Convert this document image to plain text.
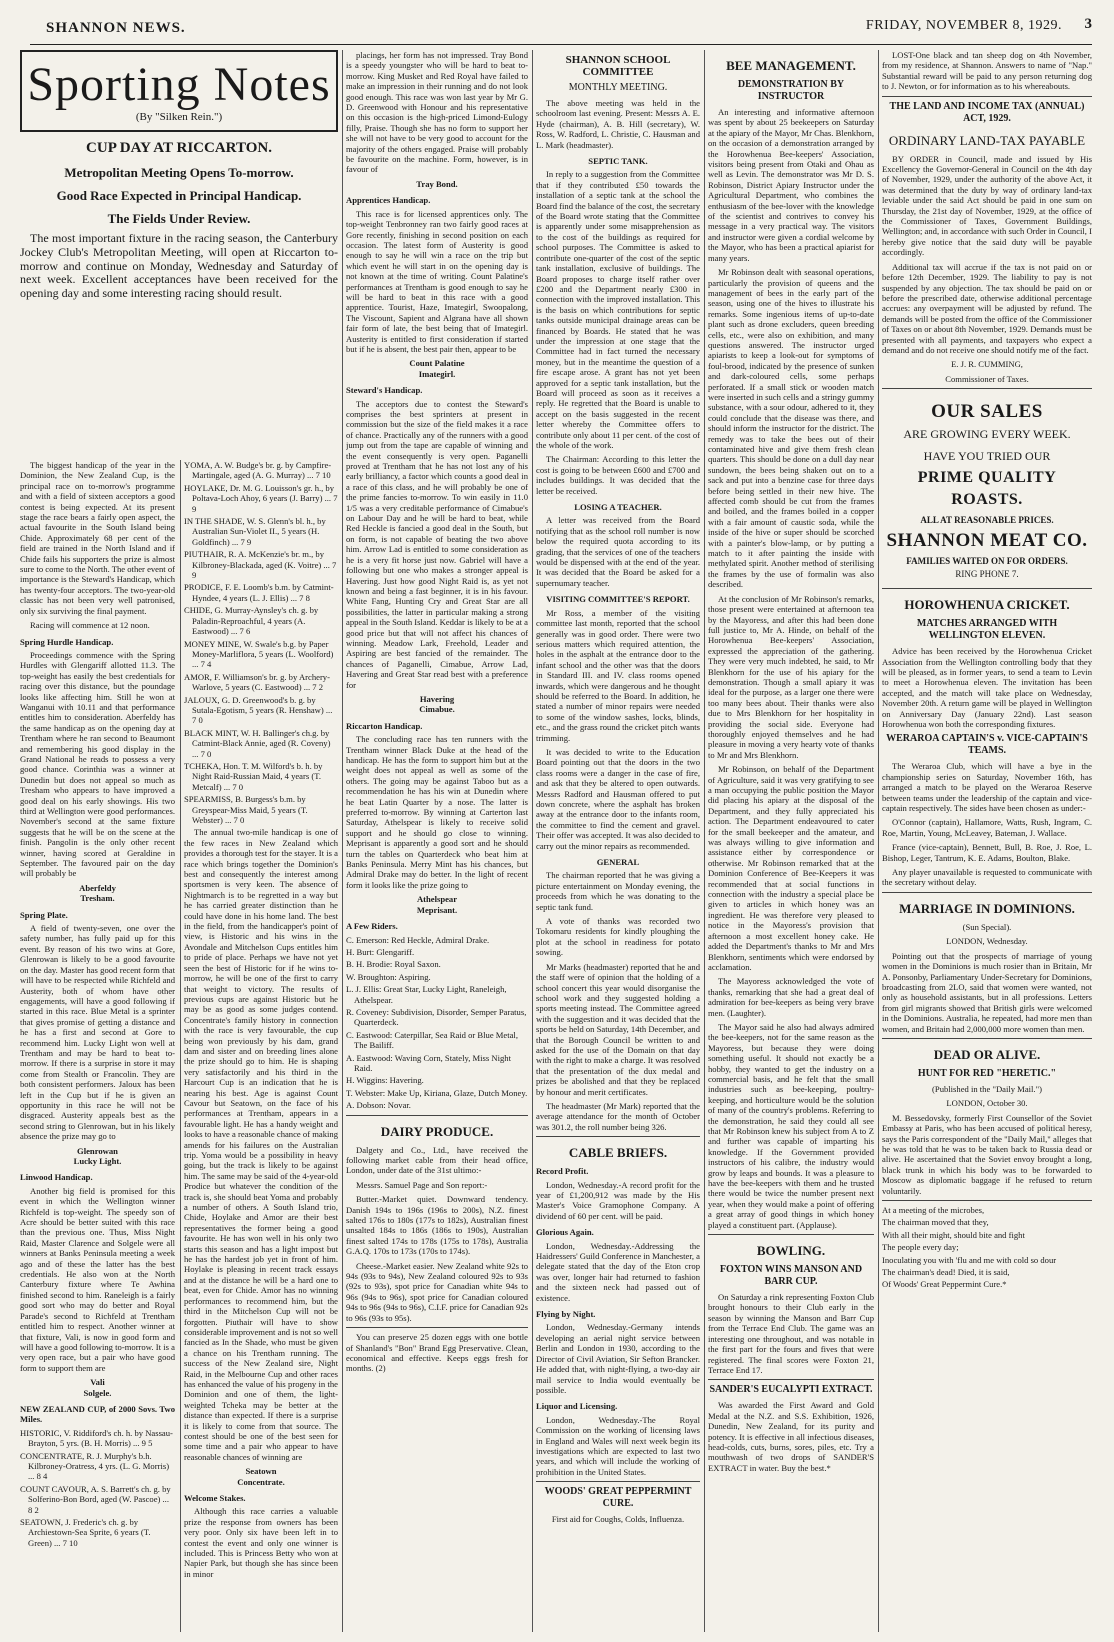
SHANNON NEWS.	FRIDAY, NOVEMBER 8, 1929. 3
Sporting Notes
(By "Silken Rein.")
CUP DAY AT RICCARTON.
Metropolitan Meeting Opens To-morrow.
Good Race Expected in Principal Handicap.
The Fields Under Review.

The most important fixture in the racing season, the Canterbury Jockey Club's Metropolitan Meeting, will open at Riccarton to-morrow and continue on Monday, Wednesday and Saturday of next week. Excellent acceptances have been received for the opening day and some interesting racing should result.

The biggest handicap of the year in the Dominion, the New Zealand Cup, is the principal race on to-morrow's programme and with a field of sixteen acceptors a good contest is being expected. At its present stage the race bears a fairly open aspect, the actual favourite in the South Island being Chide. Approximately 68 per cent of the field are trained in the North Island and if Chide fails his supporters the prize is almost sure to come to the North. The other event of importance is the Steward's Handicap, which has twenty-four acceptors. The two-year-old classic has not been very well patronised, only six surviving the final payment.

Racing will commence at 12 noon.

Spring Hurdle Handicap.

Proceedings commence with the Spring Hurdles with Glengariff allotted 11.3. The top-weight has easily the best credentials for racing over this distance, but the poundage looks like affecting him. Still he won at Wanganui with 10.11 and that performance entitles him to consideration. Aberfeldy has the same handicap as on the opening day at Trentham where he ran second to Beaumont and remembering his good display in the Grand National he reads to possess a very good chance. Corinthia was a winner at Dunedin but does not appeal so much as Tresham who appears to have improved a good deal on his early showings. His two third at Wellington were good performances. November's second at the same fixture suggests that he will be on the scene at the finish. Pangolin is the only other recent winner, having scored at Geraldine in September. The favoured pair on the day will probably be

Aberfeldy

Tresham.

Spring Plate.

A field of twenty-seven, one over the safety number, has fully paid up for this event. By reason of his two wins at Gore, Glenrowan is likely to be a good favourite on the day. Master has good recent form that will have to be respected while Richfeld and Austerity, both of whom have other engagements, will have a good following if started in this race. Blue Metal is a sprinter that gives promise of getting a distance and he has a first and second at Gore to recommend him. Lucky Light won well at Trentham and may be hard to beat to-morrow. If there is a surprise in store it may come from Stealth or Francolin. They are both consistent performers. Jaloux has been left in the Cup but if he is given an opportunity in this race he will not be disgraced. Austerity appeals best as the second string to Glenrowan, but in his likely absence the prize may go to

Glenrowan

Lucky Light.

Linwood Handicap.

Another big field is promised for this event in which the Wellington winner Richfeld is top-weight. The speedy son of Acre should be better suited with this race than the previous one. Thus, Miss Night Raid, Master Clarence and Solgele were all winners at Banks Peninsula meeting a week ago and of these the latter has the best credentials. He also won at the North Canterbury fixture where Te Awhina finished second to him. Raneleigh is a fairly good sort who may do better and Royal Parade's second to Richfeld at Trentham entitled him to respect. Another winner at that fixture, Vali, is now in good form and will have a good following to-morrow. It is a very open race, but a pair who have good form to support them are

Vali

Solgele.

NEW ZEALAND CUP, of 2000 Sovs. Two Miles.

HISTORIC, V. Riddiford's ch. h. by Nassau-Brayton, 5 yrs. (B. H. Morris) ... 9 5

CONCENTRATE, R. J. Murphy's b.h. Kilbroney-Oratress, 4 yrs. (L. G. Morris) ... 8 4

COUNT CAVOUR, A. S. Barrett's ch. g. by Solferino-Bon Bord, aged (W. Pascoe) ... 8 2

SEATOWN, J. Frederic's ch. g. by Archiestown-Sea Sprite, 6 years (T. Green) ... 7 10

YOMA, A. W. Budge's br. g. by Campfire-Martingale, aged (A. G. Murray) ... 7 10

HOYLAKE, Dr. M. G. Louisson's gr. h., by Poltava-Loch Ahoy, 6 years (J. Barry) ... 7 9

IN THE SHADE, W. S. Glenn's bl. h., by Australian Sun-Violet II., 5 years (H. Goldfinch) ... 7 9

PIUTHAIR, R. A. McKenzie's br. m., by Kilbroney-Blackada, aged (K. Voitre) ... 7 9

PRODICE, F. E. Loomb's b.m. by Catmint-Hyndee, 4 years (L. J. Ellis) ... 7 8

CHIDE, G. Murray-Aynsley's ch. g. by Paladin-Reproachful, 4 years (A. Eastwood) ... 7 6

MONEY MINE, W. Swale's b.g. by Paper Money-Marliflora, 5 years (L. Woolford) ... 7 4

AMOR, F. Williamson's br. g. by Archery-Warlove, 5 years (C. Eastwood) ... 7 2

JALOUX, G. D. Greenwood's b. g. by Sutala-Egotism, 5 years (R. Henshaw) ... 7 0

BLACK MINT, W. H. Ballinger's ch.g. by Catmint-Black Annie, aged (R. Coveny) ... 7 0

TCHEKA, Hon. T. M. Wilford's b. h. by Night Raid-Russian Maid, 4 years (T. Metcalf) ... 7 0

SPEARMISS, B. Burgess's b.m. by Greyspear-Miss Maid, 5 years (T. Webster) ... 7 0

The annual two-mile handicap is one of the few races in New Zealand which provides a thorough test for the stayer. It is a race which brings together the Dominion's best and consequently the interest among sportsmen is very keen. The absence of Nightmarch is to be regretted in a way but he has carried greater distinction than he could have done in his home land. The best in the field, from the handicapper's point of view, is Historic and his wins in the Avondale and Mitchelson Cups entitles him to pride of place. Perhaps we have not yet seen the best of Historic for if he wins to-morrow, he will be one of the first to carry that weight to victory. The results of previous cups are against Historic but he may be as good as some judges contend. Concentrate's family history in connection with the race is very favourable, the cup being won previously by his dam, grand dam and sister and on breeding lines alone the prize should go to him. He is shaping very satisfactorily and his third in the Harcourt Cup is an indication that he is nearing his best. Age is against Count Cavour but Seatown, on the face of his performances at Trentham, appears in a favourable light. He has a handy weight and looks to have a reasonable chance of making amends for his failures on the Australian trip. Yoma would be a possibility in heavy going, but the track is likely to be against him. The same may be said of the 4-year-old Prodice but whatever the condition of the track is, she should beat Yoma and probably a number of others. A South Island trio, Chide, Hoylake and Amor are their best representatives the former being a good favourite. He has won well in his only two starts this season and has a light impost but he has the hardest job yet in front of him. Hoylake is pleasing in recent track essays and at the distance he will be a hard one to beat, even for Chide. Amor has no winning performances to recommend him, but the third in the Mitchelson Cup will not be forgotten. Piuthair will have to show considerable improvement and is not so well fancied as In the Shade, who must be given a chance on his Trentham running. The success of the New Zealand sire, Night Raid, in the Melbourne Cup and other races has enhanced the value of his progeny in the Dominion and one of them, the light-weighted Tcheka may be better at the distance than expected. If there is a surprise it is likely to come from that source. The contest should be one of the best seen for some time and a pair who appear to have reasonable chances of winning are

Seatown

Concentrate.

Welcome Stakes.

Although this race carries a valuable prize the response from owners has been very poor. Only six have been left in to contest the event and only one winner is included. This is Princess Betty who won at Napier Park, but though she has since been in minor

placings, her form has not impressed. Tray Bond is a speedy youngster who will be hard to beat to-morrow. King Musket and Red Royal have failed to make an impression in their running and do not look good enough. This race was won last year by Mr G. D. Greenwood with Honour and his representative on this occasion is the high-priced Limond-Eulogy filly, Praise. Though she has no form to support her she will not have to be very good to account for the majority of the others engaged. Praise will probably be favourite on the machine. Form, however, is in favour of

Tray Bond.

Apprentices Handicap.

This race is for licensed apprentices only. The top-weight Tenbronney ran two fairly good races at Gore recently, finishing in second position on each occasion. The latest form of Austerity is good enough to say he will win a race on the trip but which event he will start in on the opening day is not known at the time of writing. Count Palatine's performances at Trentham is good enough to say he will be hard to beat in this race with a good apprentice. Tourist, Haze, Imategirl, Swoopalong, The Viscount, Sapient and Algrana have all shown fair form of late, the best being that of Imategirl. Austerity is entitled to first consideration if started but if he is absent, the best pair then, appear to be

Count Palatine

Imategirl.

Steward's Handicap.

The acceptors due to contest the Steward's comprises the best sprinters at present in commission but the size of the field makes it a race of chance. Practically any of the runners with a good jump out from the tape are capable of winning and the event consequently is very open. Paganelli proved at Trentham that he has not lost any of his early brilliancy, a factor which counts a good deal in a race of this class, and he will probably be one of the prime fancies to-morrow. To win easily in 11.0 1/5 was a very creditable performance of Cimabue's on Labour Day and he will be hard to beat, while Red Heckle is fancied a good deal in the South, but on form, is not capable of beating the two above him. Arrow Lad is entitled to some consideration as he is a very fit horse just now. Gabriel will have a following but one who makes a stronger appeal is Havering. Just how good Night Raid is, as yet not known and being a fast beginner, it is in his favour. White Fang, Hunting Cry and Great Star are all possibilities, the latter in particular making a strong appeal in the South Island. Keddar is likely to be at a good price but that will not affect his chances of winning. Meadow Lark, Freehold, Leader and Aspiring are best fancied of the remainder. The chances of Paganelli, Cimabue, Arrow Lad, Havering and Great Star read best with a preference for

Havering

Cimabue.

Riccarton Handicap.

The concluding race has ten runners with the Trentham winner Black Duke at the head of the handicap. He has the form to support him but at the weight does not appeal as well as some of the others. The going may be against Taboo but as a recommendation he has his win at Dunedin where he beat Latin Quarter by a nose. The latter is preferred to-morrow. By winning at Carterton last Saturday, Athelspear is likely to receive solid support and he should go close to winning. Meprisant is apparently a good sort and he should turn the tables on Quarterdeck who beat him at Banks Peninsula. Merry Mint has his chances, but Admiral Drake may do better. In the light of recent form it looks like the prize going to

Athelspear

Meprisant.

A Few Riders.

C. Emerson: Red Heckle, Admiral Drake.

H. Burt: Glengariff.

B. H. Brodie: Royal Saxon.

W. Broughton: Aspiring.

L. J. Ellis: Great Star, Lucky Light, Raneleigh, Athelspear.

R. Coveney: Subdivision, Disorder, Semper Paratus, Quarterdeck.

C. Eastwood: Caterpillar, Sea Raid or Blue Metal, The Bailiff.

A. Eastwood: Waving Corn, Stately, Miss Night Raid.

H. Wiggins: Havering.

T. Webster: Make Up, Kiriana, Glaze, Dutch Money.

A. Dobson: Novar.

DAIRY PRODUCE.

Dalgety and Co., Ltd., have received the following market cable from their head office, London, under date of the 31st ultimo:-

Messrs. Samuel Page and Son report:-

Butter.-Market quiet. Downward tendency. Danish 194s to 196s (196s to 200s), N.Z. finest salted 176s to 180s (177s to 182s), Australian finest unsalted 184s to 186s (186s to 190s), Australian finest salted 174s to 178s (175s to 178s), Australia G.A.Q. 170s to 173s (170s to 174s).

Cheese.-Market easier. New Zealand white 92s to 94s (93s to 94s), New Zealand coloured 92s to 93s (92s to 93s), spot price for Canadian white 94s to 96s (94s to 96s), spot price for Canadian coloured 94s to 96s (94s to 96s), C.I.F. price for Canadian 92s to 96s (93s to 95s).

You can preserve 25 dozen eggs with one bottle of Shanland's "Bon" Brand Egg Preservative. Clean, economical and effective. Keeps eggs fresh for months. (2)

SHANNON SCHOOL COMMITTEE
MONTHLY MEETING.

The above meeting was held in the schoolroom last evening. Present: Messrs A. E. Hyde (chairman), A. B. Hill (secretary), W. Ross, W. Radford, L. Christie, C. Hausman and L. Mark (headmaster).

SEPTIC TANK.

In reply to a suggestion from the Committee that if they contributed £50 towards the installation of a septic tank at the school the Board find the balance of the cost, the secretary of the Board wrote stating that the Committee is apparently under some misapprehension as to the cost of the buildings as required for school purposes. The Committee is asked to contribute one-quarter of the cost of the septic tank installation, exclusive of buildings. The Board proposes to charge itself rather over £200 and the Department nearly £300 in connection with the improved installation. This is the basis on which contributions for septic tanks outside municipal drainage areas can be financed by Boards. He stated that he was under the impression at one stage that the Committee had in fact turned the necessary money, but in the meantime the question of a fire escape arose. A grant has not yet been approved for a septic tank installation, but the Board will proceed as soon as it receives a reply. He regretted that the Board is unable to accept on the basis suggested in the recent letter whereby the Committee offers to contribute only about 11 per cent. of the cost of the whole of the work.

The Chairman: According to this letter the cost is going to be between £600 and £700 and includes buildings. It was decided that the letter be received.

LOSING A TEACHER.

A letter was received from the Board notifying that as the school roll number is now below the required quota according to its grading, that the services of one of the teachers would be dispensed with at the end of the year. It was decided that the Board be asked for a supernumary teacher.

VISITING COMMITTEE'S REPORT.

Mr Ross, a member of the visiting committee last month, reported that the school generally was in good order. There were two serious matters which required attention, the holes in the asphalt at the entrance door to the infant school and the other was that the doors in Standard III. and IV. class rooms opened inwards, which were dangerous and he thought should be referred to the Board. In addition, he stated a number of minor repairs were needed to some of the window sashes, locks, blinds, etc., and the grass round the cricket pitch wants trimming.

It was decided to write to the Education Board pointing out that the doors in the two class rooms were a danger in the case of fire, and ask that they be altered to open outwards. Messrs Radford and Hausman offered to put down concrete, where the asphalt has broken away at the entrance door to the infants room, the committee to find the cement and gravel. Their offer was accepted. It was also decided to carry out the minor repairs as recommended.

GENERAL

The chairman reported that he was giving a picture entertainment on Monday evening, the proceeds from which he was donating to the septic tank fund.

A vote of thanks was recorded two Tokomaru residents for kindly ploughing the plot at the school in readiness for potato sowing.

Mr Marks (headmaster) reported that he and the staff were of opinion that the holding of a school concert this year would disorganise the school work and they suggested holding a sports meeting instead. The Committee agreed with the suggestion and it was decided that the sports be held on Saturday, 14th December, and that the Borough Council be written to and asked for the use of the Domain on that day with the right to make a charge. It was resolved that the presentation of the dux medal and prizes be abolished and that they be replaced by honour and merit certificates.

The headmaster (Mr Mark) reported that the average attendance for the month of October was 301.2, the roll number being 326.

CABLE BRIEFS.

Record Profit.

London, Wednesday.-A record profit for the year of £1,200,912 was made by the His Master's Voice Gramophone Company. A dividend of 60 per cent. will be paid.

Glorious Again.

London, Wednesday.-Addressing the Haidressers' Guild Conference in Manchester, a delegate stated that the day of the Eton crop was over, longer hair had returned to fashion and the sixteen neck had passed out of existence.

Flying by Night.

London, Wednesday.-Germany intends developing an aerial night service between Berlin and London in 1930, according to the Director of Civil Aviation, Sir Sefton Brancker. He added that, with night-flying, a two-day air mail service to India would eventually be possible.

Liquor and Licensing.

London, Wednesday.-The Royal Commission on the working of licensing laws in England and Wales will next week begin its investigations which are expected to last two years, and which will include the working of prohibition in the United States.

WOODS' GREAT PEPPERMINT CURE.

First aid for Coughs, Colds, Influenza.

BEE MANAGEMENT.
DEMONSTRATION BY INSTRUCTOR

An interesting and informative afternoon was spent by about 25 beekeepers on Saturday at the apiary of the Mayor, Mr Chas. Blenkhorn, on the occasion of a demonstration arranged by the Horowhenua Bee-keepers' Association, visitors being present from Otaki and Ohau as well as Levin. The demonstrator was Mr D. S. Robinson, District Apiary Instructor under the Agricultural Department, who combines the enthusiasm of the bee-lover with the knowledge of the scientist and contrives to convey his message in a very practical way. The visitors and instructor were given a cordial welcome by the Mayor, who has been a practical apiarist for many years.

Mr Robinson dealt with seasonal operations, particularly the provision of queens and the management of bees in the early part of the season, using one of the hives to illustrate his remarks. Some ingenious items of up-to-date plant such as drone excluders, queen breeding cells, etc., were also on exhibition, and many questions answered. The instructor urged apiarists to keep a look-out for symptoms of foul-brood, indicated by the presence of sunken and dark-coloured cells, some perhaps perforated. If a small stick or wooden match were inserted in such cells and a stringy gummy substance, with a sour odour, adhered to it, they could conclude that the disease was there, and should inform the instructor for the district. The remedy was to take the bees out of their contaminated hive and give them fresh clean quarters. This should be done on a dull day near sundown, the bees being shaken out on to a sack and put into a benzine case for three days before being settled in their new hive. The affected comb should be cut from the frames and boiled, and the frames boiled in a copper with a fair amount of caustic soda, while the inside of the hive or super should be scorched with a painter's blow-lamp, or by putting a match to it after painting the inside with methylated spirit. Another method of sterilising the frames by the use of formalin was also described.

At the conclusion of Mr Robinson's remarks, those present were entertained at afternoon tea by the Mayoress, and after this had been done full justice to, Mr A. Hinde, on behalf of the Horowhenua Bee-keepers' Association, expressed the appreciation of the gathering. They were very much indebted, he said, to Mr Blenkhorn for the use of his apiary for the demonstration. Though a small apiary it was ideal for the purpose, as a larger one there were too many bees about. Their thanks were also due to Mrs Blenkhorn for her hospitality in providing the social side. Everyone had thoroughly enjoyed themselves and he had pleasure in moving a very hearty vote of thanks to Mr and Mrs Blenkhorn.

Mr Robinson, on behalf of the Department of Agriculture, said it was very gratifying to see a man occupying the public position the Mayor did placing his apiary at the disposal of the Department, and they fully appreciated his action. The Department endeavoured to cater for the small beekeeper and the amateur, and was always willing to give information and assistance either by correspondence or otherwise. Mr Robinson remarked that at the Dominion Conference of Bee-Keepers it was recommended that at social functions in connection with the industry a special place be given to articles in which honey was an ingredient. He was therefore very pleased to notice in the Mayoress's provision that afternoon a most excellent honey cake. He added the Department's thanks to Mr and Mrs Blenkhorn, sentiments which were endorsed by acclamation.

The Mayoress acknowledged the vote of thanks, remarking that she had a great deal of admiration for bee-keepers as being very brave men. (Laughter).

The Mayor said he also had always admired the bee-keepers, not for the same reason as the Mayoress, but because they were doing something useful. It should not exactly be a hobby, they wanted to get the industry on a commercial basis, and he felt that the small industries such as bee-keeping, poultry-keeping, and horticulture would be the solution of many of the country's problems. Referring to the demonstration, he said they could all see that Mr Robinson knew his subject from A to Z and further was capable of imparting his knowledge. If the Government provided instructors of his calibre, the industry would grow by leaps and bounds. It was a pleasure to have the bee-keepers with them and he trusted there would be twice the number present next year, when they would make a point of offering a great array of good things in which honey played a constituent part. (Applause).

BOWLING.
FOXTON WINS MANSON AND BARR CUP.

On Saturday a rink representing Foxton Club brought honours to their Club early in the season by winning the Manson and Barr Cup from the Terrace End Club. The game was an interesting one throughout, and was notable in the first part for the fours and fives that were registered. The final scores were Foxton 21, Terrace End 17.

SANDER'S EUCALYPTI EXTRACT.

Was awarded the First Award and Gold Medal at the N.Z. and S.S. Exhibition, 1926, Dunedin, New Zealand, for its purity and potency. It is effective in all infectious diseases, head-colds, cuts, burns, sores, piles, etc. Try a mouthwash of two drops of SANDER'S EXTRACT in water. Buy the best.*

LOST-One black and tan sheep dog on 4th November, from my residence, at Shannon. Answers to name of "Nap." Substantial reward will be paid to any person returning dog to J. Newton, or for information as to his whereabouts.

THE LAND AND INCOME TAX (ANNUAL) ACT, 1929.
ORDINARY LAND-TAX PAYABLE

BY ORDER in Council, made and issued by His Excellency the Governor-General in Council on the 4th day of November, 1929, under the authority of the above Act, it was determined that the duty by way of ordinary land-tax leviable under the said Act should be paid in one sum on Thursday, the 21st day of November, 1929, at the office of the Commissioner of Taxes, Government Buildings, Wellington; and, in accordance with such Order in Council, I hereby give notice that the said duty will be payable accordingly.

Additional tax will accrue if the tax is not paid on or before 12th December, 1929. The liability to pay is not suspended by any objection. The tax should be paid on or before the prescribed date, otherwise additional percentage accrues: any overpayment will be adjusted by refund. The demands will be posted from the office of the Commissioner of Taxes on or about 8th November, 1929. Demands must be presented with all payments, and taxpayers who expect a demand and do not receive one should notify me of the fact.

E. J. R. CUMMING,

Commissioner of Taxes.

OUR SALES
ARE GROWING EVERY WEEK.
HAVE YOU TRIED OUR
PRIME QUALITY ROASTS.
ALL AT REASONABLE PRICES.
SHANNON MEAT CO.
FAMILIES WAITED ON FOR ORDERS.
RING PHONE 7.
HOROWHENUA CRICKET.
MATCHES ARRANGED WITH WELLINGTON ELEVEN.

Advice has been received by the Horowhenua Cricket Association from the Wellington controlling body that they will be pleased, as in former years, to send a team to Levin to meet a Horowhenua eleven. The invitation has been accepted, and the match will take place on Wednesday, November 20th. A return game will be played in Wellington on Anniversary Day (January 22nd). Last season Horowhenua won both the corresponding fixtures.

WERAROA CAPTAIN'S v. VICE-CAPTAIN'S TEAMS.

The Weraroa Club, which will have a bye in the championship series on Saturday, November 16th, has arranged a match to be played on the Weraroa Reserve between teams under the leadership of the captain and vice-captain respectively. The sides have been chosen as under:-

O'Connor (captain), Hallamore, Watts, Rush, Ingram, C. Roe, Martin, Young, McLeavey, Bateman, J. Wallace.

France (vice-captain), Bennett, Bull, B. Roe, J. Roe, L. Bishop, Leger, Tantrum, K. E. Adams, Boulton, Blake.

Any player unavailable is requested to communicate with the secretary without delay.

MARRIAGE IN DOMINIONS.

(Sun Special).

LONDON, Wednesday.

Pointing out that the prospects of marriage of young women in the Dominions is much rosier than in Britain, Mr A. Ponsonby, Parliamentary Under-Secretary for Dominions, broadcasting from 2LO, said that women were wanted, not only as household assistants, but in all professions. Letters from girl migrants showed that British girls were welcomed in the Dominions. Australia, he repeated, had more men than women, and Britain had 2,000,000 more women than men.

DEAD OR ALIVE.
HUNT FOR RED "HERETIC."

(Published in the "Daily Mail.")

LONDON, October 30.

M. Bessedovsky, formerly First Counsellor of the Soviet Embassy at Paris, who has been accused of political heresy, says the Paris correspondent of the "Daily Mail," alleges that he was told that he was to be taken back to Russia dead or alive. He ascertained that the Soviet envoy brought a long, black trunk in which his body was to be forwarded to Moscow as diplomatic baggage if he refused to return voluntarily.

At a meeting of the microbes,

The chairman moved that they,

With all their might, should bite and fight

The people every day;

Inoculating you with 'flu and me with cold so dour

The chairman's dead! Died, it is said,

Of Woods' Great Peppermint Cure.*
